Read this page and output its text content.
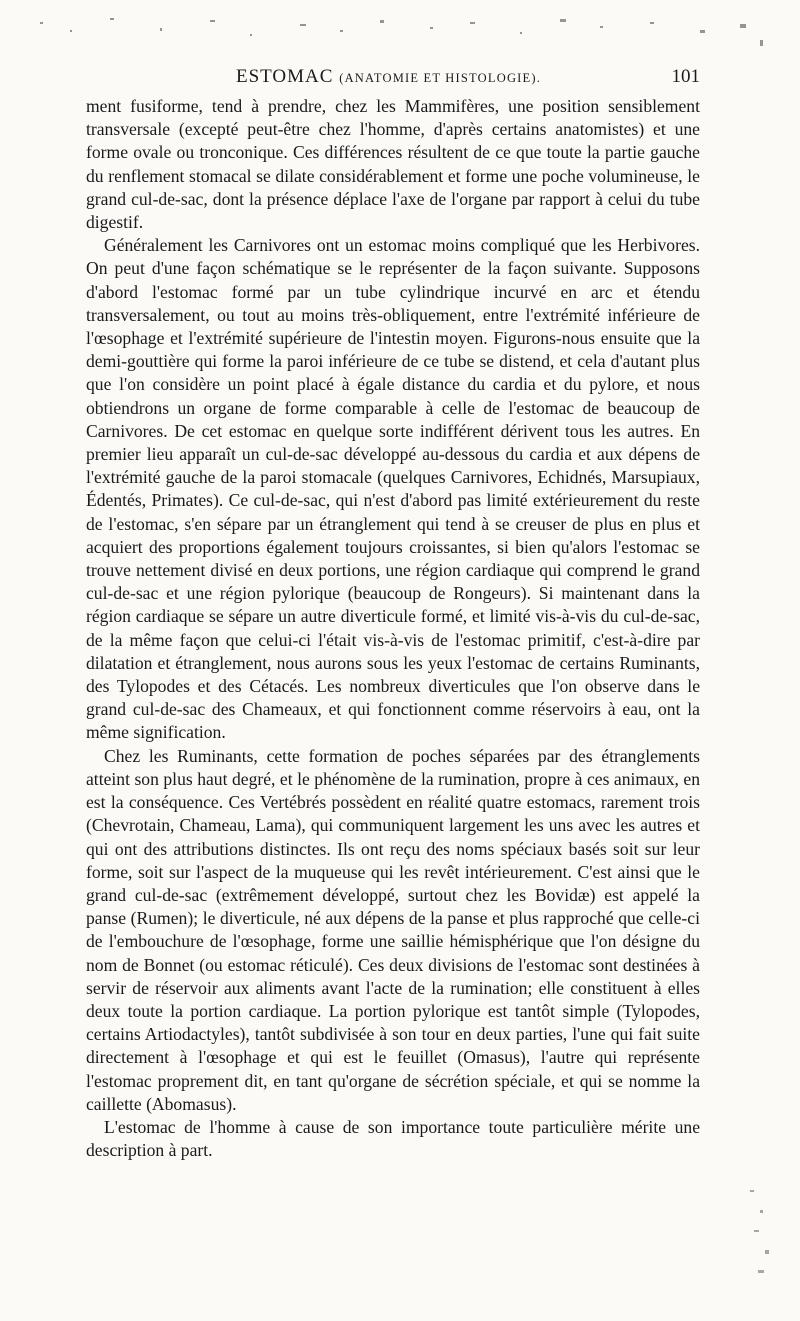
ESTOMAC (ANATOMIE ET HISTOLOGIE).	101

ment fusiforme, tend à prendre, chez les Mammifères, une position sensiblement transversale (excepté peut-être chez l'homme, d'après certains anatomistes) et une forme ovale ou tronconique. Ces différences résultent de ce que toute la partie gauche du renflement stomacal se dilate considérablement et forme une poche volumineuse, le grand cul-de-sac, dont la présence déplace l'axe de l'organe par rapport à celui du tube digestif.

Généralement les Carnivores ont un estomac moins compliqué que les Herbivores. On peut d'une façon schématique se le représenter de la façon suivante. Supposons d'abord l'estomac formé par un tube cylindrique incurvé en arc et étendu transversalement, ou tout au moins très-obliquement, entre l'extrémité inférieure de l'œsophage et l'extrémité supérieure de l'intestin moyen. Figurons-nous ensuite que la demi-gouttière qui forme la paroi inférieure de ce tube se distend, et cela d'autant plus que l'on considère un point placé à égale distance du cardia et du pylore, et nous obtiendrons un organe de forme comparable à celle de l'estomac de beaucoup de Carnivores. De cet estomac en quelque sorte indifférent dérivent tous les autres. En premier lieu apparaît un cul-de-sac développé au-dessous du cardia et aux dépens de l'extrémité gauche de la paroi stomacale (quelques Carnivores, Echidnés, Marsupiaux, Édentés, Primates). Ce cul-de-sac, qui n'est d'abord pas limité extérieurement du reste de l'estomac, s'en sépare par un étranglement qui tend à se creuser de plus en plus et acquiert des proportions également toujours croissantes, si bien qu'alors l'estomac se trouve nettement divisé en deux portions, une région cardiaque qui comprend le grand cul-de-sac et une région pylorique (beaucoup de Rongeurs). Si maintenant dans la région cardiaque se sépare un autre diverticule formé, et limité vis-à-vis du cul-de-sac, de la même façon que celui-ci l'était vis-à-vis de l'estomac primitif, c'est-à-dire par dilatation et étranglement, nous aurons sous les yeux l'estomac de certains Ruminants, des Tylopodes et des Cétacés. Les nombreux diverticules que l'on observe dans le grand cul-de-sac des Chameaux, et qui fonctionnent comme réservoirs à eau, ont la même signification.

Chez les Ruminants, cette formation de poches séparées par des étranglements atteint son plus haut degré, et le phénomène de la rumination, propre à ces animaux, en est la conséquence. Ces Vertébrés possèdent en réalité quatre estomacs, rarement trois (Chevrotain, Chameau, Lama), qui communiquent largement les uns avec les autres et qui ont des attributions distinctes. Ils ont reçu des noms spéciaux basés soit sur leur forme, soit sur l'aspect de la muqueuse qui les revêt intérieurement. C'est ainsi que le grand cul-de-sac (extrêmement développé, surtout chez les Bovidæ) est appelé la panse (Rumen); le diverticule, né aux dépens de la panse et plus rapproché que celle-ci de l'embouchure de l'œsophage, forme une saillie hémisphérique que l'on désigne du nom de Bonnet (ou estomac réticulé). Ces deux divisions de l'estomac sont destinées à servir de réservoir aux aliments avant l'acte de la rumination; elle constituent à elles deux toute la portion cardiaque. La portion pylorique est tantôt simple (Tylopodes, certains Artiodactyles), tantôt subdivisée à son tour en deux parties, l'une qui fait suite directement à l'œsophage et qui est le feuillet (Omasus), l'autre qui représente l'estomac proprement dit, en tant qu'organe de sécrétion spéciale, et qui se nomme la caillette (Abomasus).

L'estomac de l'homme à cause de son importance toute particulière mérite une description à part.
